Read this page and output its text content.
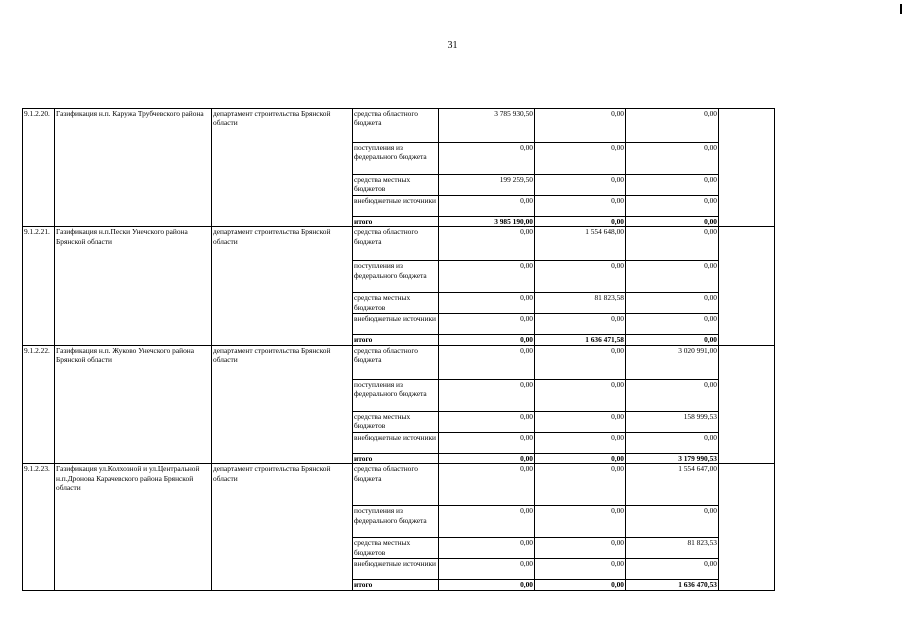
31
9.1.2.20.	Газификация н.п. Каружа Трубчевского района	департамент строительства Брянской области	средства областного бюджета	3 785 930,50	0,00	0,00	
			поступления из федерального бюджета	0,00	0,00	0,00	
			средства местных бюджетов	199 259,50	0,00	0,00	
			внебюджетные источники	0,00	0,00	0,00	
			итого	3 985 190,00	0,00	0,00	
9.1.2.21.	Газификация н.п.Пески Унечского района Брянской области	департамент строительства Брянской области	средства областного бюджета	0,00	1 554 648,00	0,00	
			поступления из федерального бюджета	0,00	0,00	0,00	
			средства местных бюджетов	0,00	81 823,58	0,00	
			внебюджетные источники	0,00	0,00	0,00	
			итого	0,00	1 636 471,58	0,00	
9.1.2.22.	Газификация н.п. Жуково Унечского района Брянской области	департамент строительства Брянской области	средства областного бюджета	0,00	0,00	3 020 991,00	
			поступления из федерального бюджета	0,00	0,00	0,00	
			средства местных бюджетов	0,00	0,00	158 999,53	
			внебюджетные источники	0,00	0,00	0,00	
			итого	0,00	0,00	3 179 990,53	
9.1.2.23.	Газификация ул.Колхозной и ул.Центральной н.п.Дронова Карачевского района Брянской области	департамент строительства Брянской области	средства областного бюджета	0,00	0,00	1 554 647,00	
			поступления из федерального бюджета	0,00	0,00	0,00	
			средства местных бюджетов	0,00	0,00	81 823,53	
			внебюджетные источники	0,00	0,00	0,00	
			итого	0,00	0,00	1 636 470,53	
